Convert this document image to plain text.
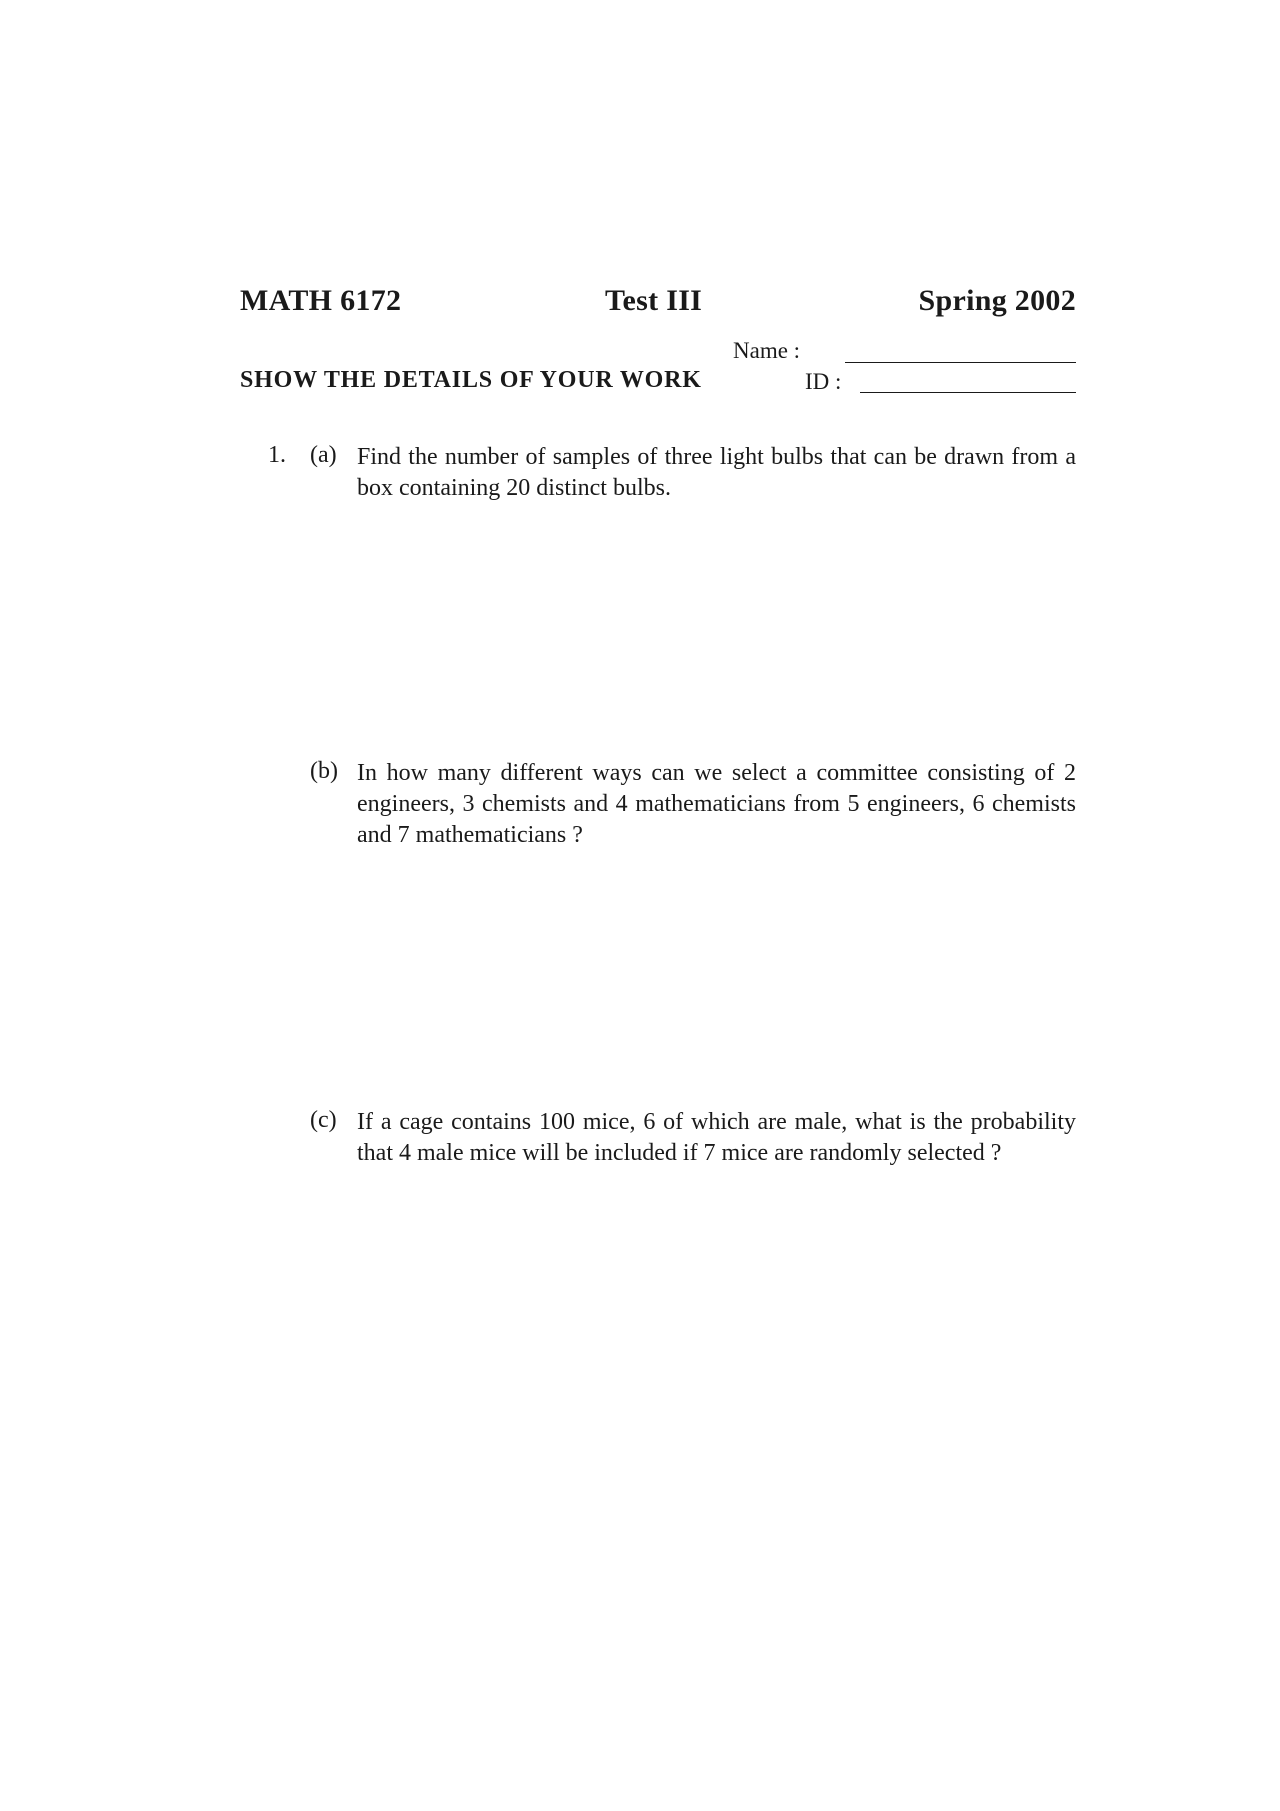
MATH 6172	Test III	Spring 2002
Name :
SHOW THE DETAILS OF YOUR WORK	ID :
1. (a) Find the number of samples of three light bulbs that can be drawn from a box containing 20 distinct bulbs.
(b) In how many different ways can we select a committee consisting of 2 engineers, 3 chemists and 4 mathematicians from 5 engineers, 6 chemists and 7 mathematicians ?
(c) If a cage contains 100 mice, 6 of which are male, what is the probability that 4 male mice will be included if 7 mice are randomly selected ?
